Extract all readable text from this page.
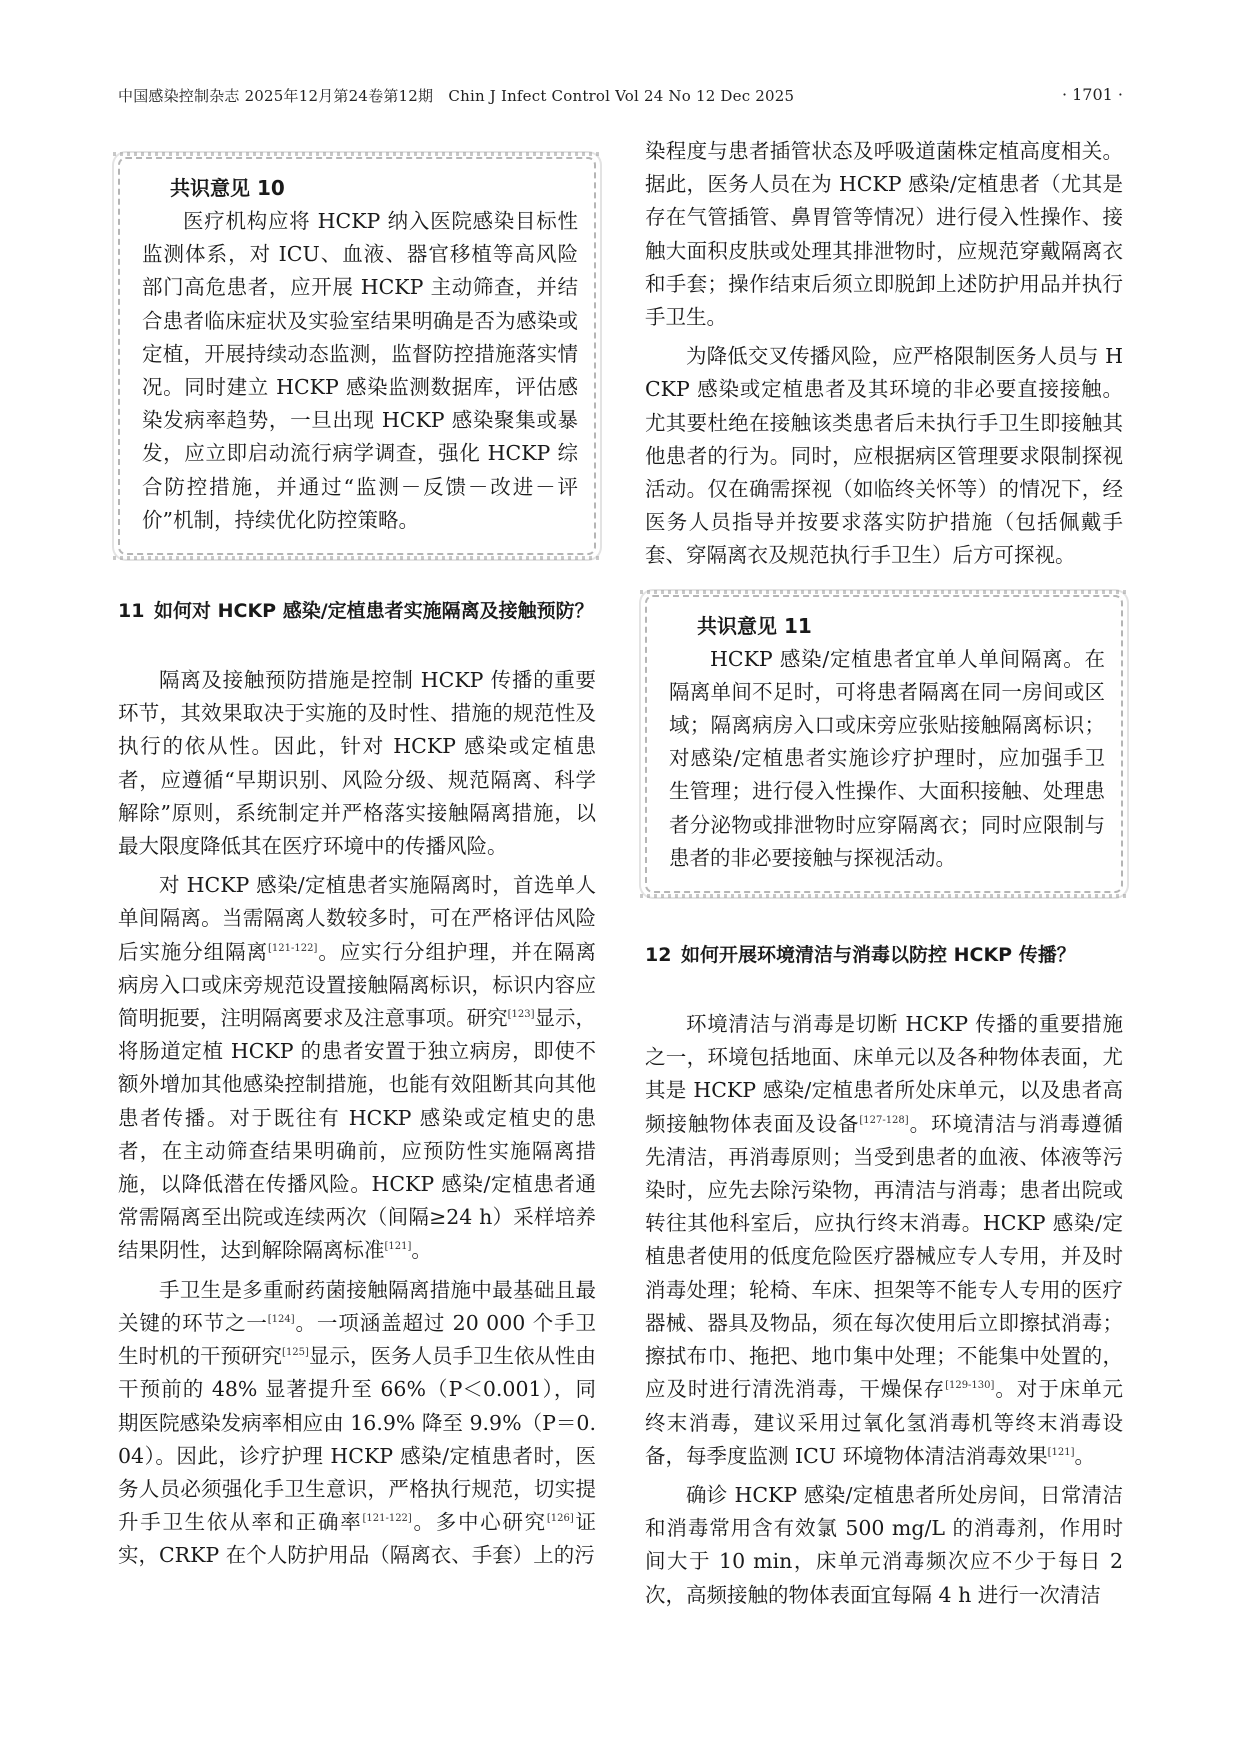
中国感染控制杂志 2025年12月第24卷第12期　Chin J Infect Control Vol 24 No 12 Dec 2025	· 1701 ·
共识意见 10
医疗机构应将 HCKP 纳入医院感染目标性监测体系，对 ICU、血液、器官移植等高风险部门高危患者，应开展 HCKP 主动筛查，并结合患者临床症状及实验室结果明确是否为感染或定植，开展持续动态监测，监督防控措施落实情况。同时建立 HCKP 感染监测数据库，评估感染发病率趋势，一旦出现 HCKP 感染聚集或暴发，应立即启动流行病学调查，强化 HCKP 综合防控措施，并通过“监测－反馈－改进－评价”机制，持续优化防控策略。
11 如何对 HCKP 感染/定植患者实施隔离及接触预防？

隔离及接触预防措施是控制 HCKP 传播的重要环节，其效果取决于实施的及时性、措施的规范性及执行的依从性。因此，针对 HCKP 感染或定植患者，应遵循“早期识别、风险分级、规范隔离、科学解除”原则，系统制定并严格落实接触隔离措施，以最大限度降低其在医疗环境中的传播风险。

对 HCKP 感染/定植患者实施隔离时，首选单人单间隔离。当需隔离人数较多时，可在严格评估风险后实施分组隔离[121-122]。应实行分组护理，并在隔离病房入口或床旁规范设置接触隔离标识，标识内容应简明扼要，注明隔离要求及注意事项。研究[123]显示，将肠道定植 HCKP 的患者安置于独立病房，即使不额外增加其他感染控制措施，也能有效阻断其向其他患者传播。对于既往有 HCKP 感染或定植史的患者，在主动筛查结果明确前，应预防性实施隔离措施，以降低潜在传播风险。HCKP 感染/定植患者通常需隔离至出院或连续两次（间隔≥24 h）采样培养结果阴性，达到解除隔离标准[121]。

手卫生是多重耐药菌接触隔离措施中最基础且最关键的环节之一[124]。一项涵盖超过 20 000 个手卫生时机的干预研究[125]显示，医务人员手卫生依从性由干预前的 48% 显著提升至 66%（P＜0.001），同期医院感染发病率相应由 16.9% 降至 9.9%（P＝0.04）。因此，诊疗护理 HCKP 感染/定植患者时，医务人员必须强化手卫生意识，严格执行规范，切实提升手卫生依从率和正确率[121-122]。多中心研究[126]证实，CRKP 在个人防护用品（隔离衣、手套）上的污

染程度与患者插管状态及呼吸道菌株定植高度相关。据此，医务人员在为 HCKP 感染/定植患者（尤其是存在气管插管、鼻胃管等情况）进行侵入性操作、接触大面积皮肤或处理其排泄物时，应规范穿戴隔离衣和手套；操作结束后须立即脱卸上述防护用品并执行手卫生。

为降低交叉传播风险，应严格限制医务人员与 HCKP 感染或定植患者及其环境的非必要直接接触。尤其要杜绝在接触该类患者后未执行手卫生即接触其他患者的行为。同时，应根据病区管理要求限制探视活动。仅在确需探视（如临终关怀等）的情况下，经医务人员指导并按要求落实防护措施（包括佩戴手套、穿隔离衣及规范执行手卫生）后方可探视。

共识意见 11
HCKP 感染/定植患者宜单人单间隔离。在隔离单间不足时，可将患者隔离在同一房间或区域；隔离病房入口或床旁应张贴接触隔离标识；对感染/定植患者实施诊疗护理时，应加强手卫生管理；进行侵入性操作、大面积接触、处理患者分泌物或排泄物时应穿隔离衣；同时应限制与患者的非必要接触与探视活动。
12 如何开展环境清洁与消毒以防控 HCKP 传播？

环境清洁与消毒是切断 HCKP 传播的重要措施之一，环境包括地面、床单元以及各种物体表面，尤其是 HCKP 感染/定植患者所处床单元，以及患者高频接触物体表面及设备[127-128]。环境清洁与消毒遵循先清洁，再消毒原则；当受到患者的血液、体液等污染时，应先去除污染物，再清洁与消毒；患者出院或转往其他科室后，应执行终末消毒。HCKP 感染/定植患者使用的低度危险医疗器械应专人专用，并及时消毒处理；轮椅、车床、担架等不能专人专用的医疗器械、器具及物品，须在每次使用后立即擦拭消毒；擦拭布巾、拖把、地巾集中处理；不能集中处置的，应及时进行清洗消毒，干燥保存[129-130]。对于床单元终末消毒，建议采用过氧化氢消毒机等终末消毒设备，每季度监测 ICU 环境物体清洁消毒效果[121]。

确诊 HCKP 感染/定植患者所处房间，日常清洁和消毒常用含有效氯 500 mg/L 的消毒剂，作用时间大于 10 min，床单元消毒频次应不少于每日 2 次，高频接触的物体表面宜每隔 4 h 进行一次清洁
